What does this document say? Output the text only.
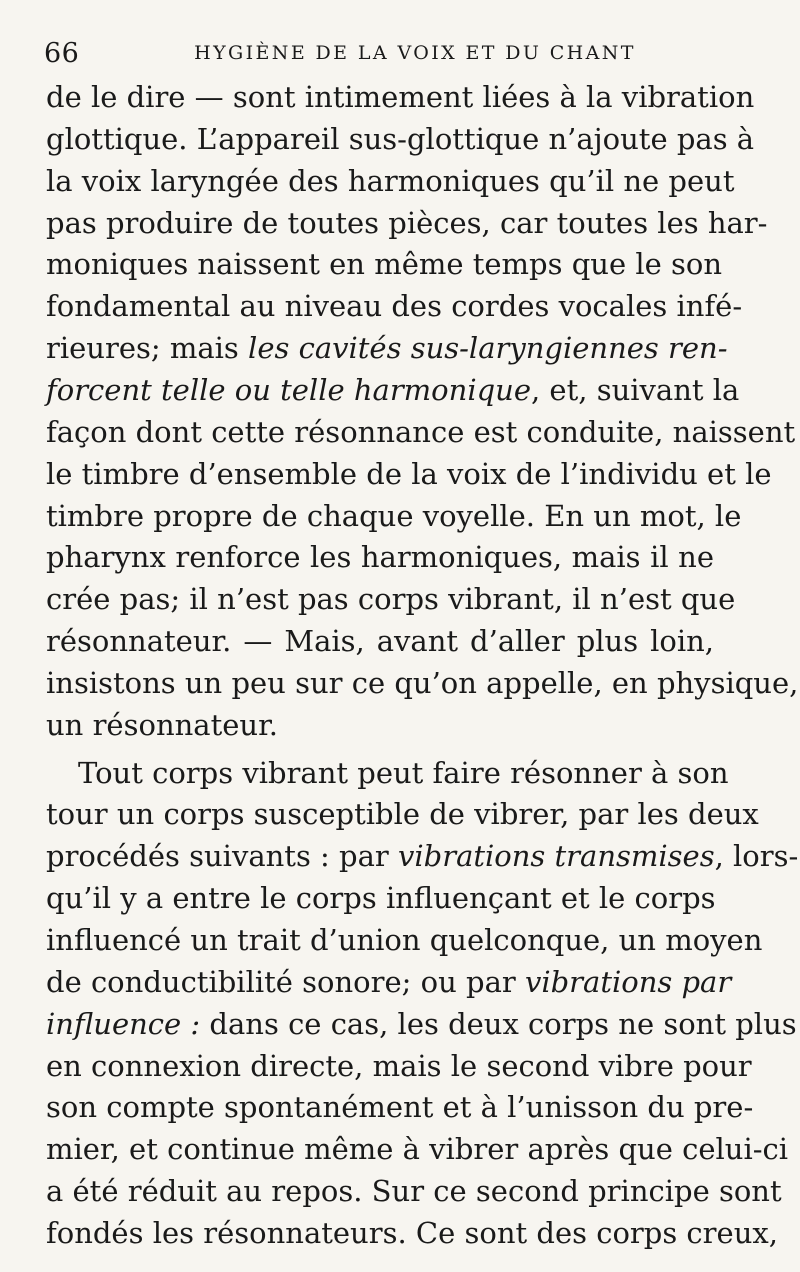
66	HYGIÈNE DE LA VOIX ET DU CHANT
de le dire — sont intimement liées à la vibration
glottique. L’appareil sus-glottique n’ajoute pas à
la voix laryngée des harmoniques qu’il ne peut
pas produire de toutes pièces, car toutes les har-
moniques naissent en même temps que le son
fondamental au niveau des cordes vocales infé-
rieures; mais les cavités sus-laryngiennes ren-
forcent telle ou telle harmonique, et, suivant la
façon dont cette résonnance est conduite, naissent
le timbre d’ensemble de la voix de l’individu et le
timbre propre de chaque voyelle. En un mot, le
pharynx renforce les harmoniques, mais il ne
crée pas; il n’est pas corps vibrant, il n’est que
résonnateur. — Mais, avant d’aller plus loin,
insistons un peu sur ce qu’on appelle, en physique,
un résonnateur.
Tout corps vibrant peut faire résonner à son
tour un corps susceptible de vibrer, par les deux
procédés suivants : par vibrations transmises, lors-
qu’il y a entre le corps influençant et le corps
influencé un trait d’union quelconque, un moyen
de conductibilité sonore; ou par vibrations par
influence : dans ce cas, les deux corps ne sont plus
en connexion directe, mais le second vibre pour
son compte spontanément et à l’unisson du pre-
mier, et continue même à vibrer après que celui-ci
a été réduit au repos. Sur ce second principe sont
fondés les résonnateurs. Ce sont des corps creux,
